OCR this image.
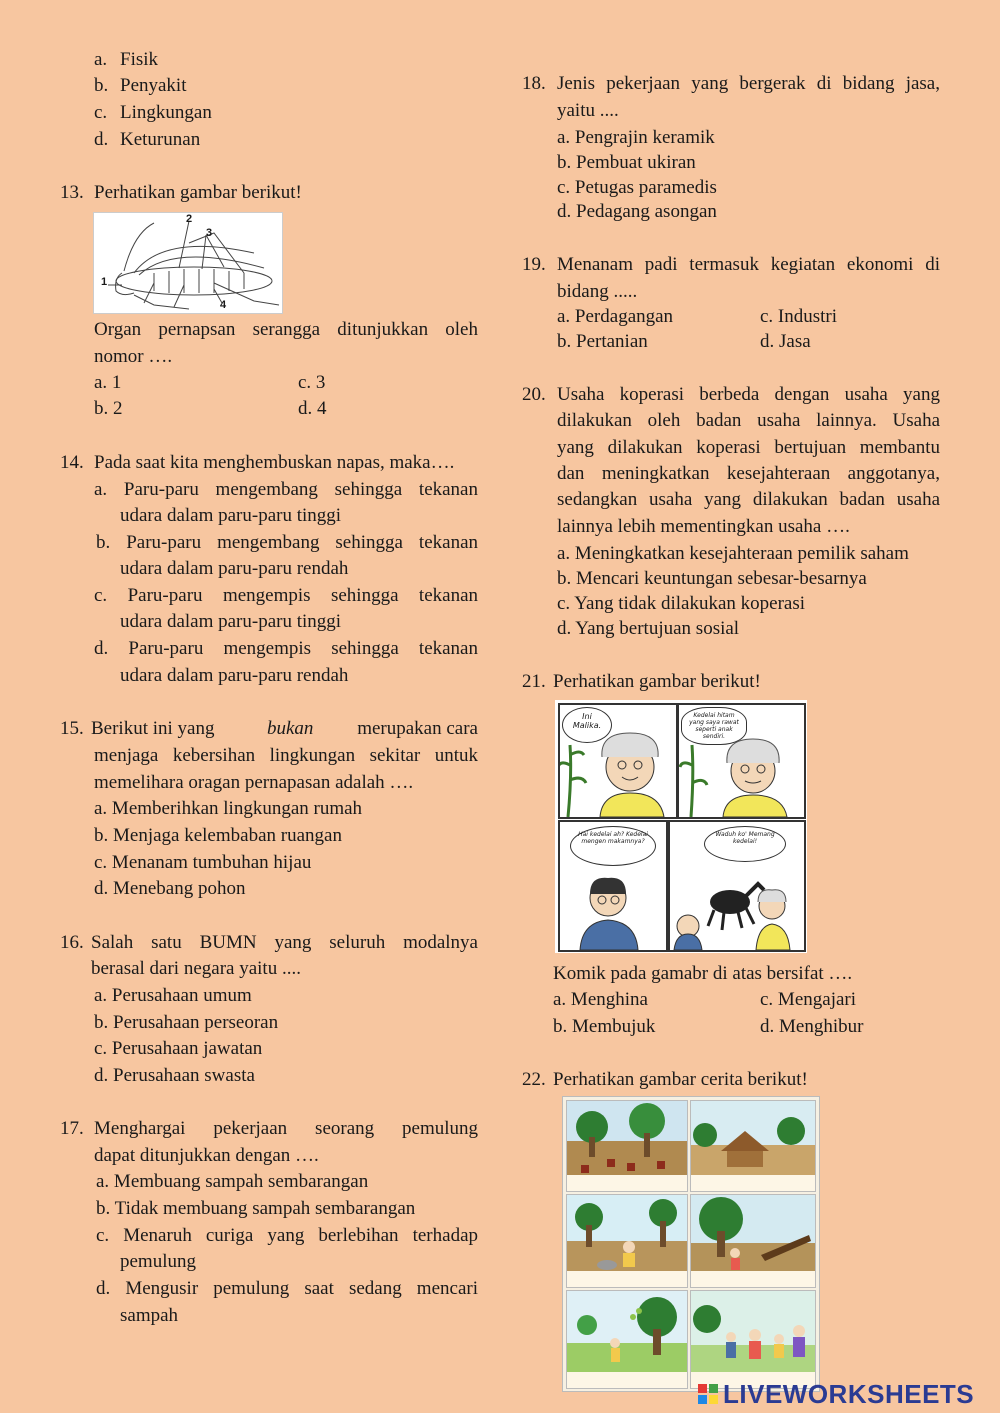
a. Fisik
b. Penyakit
c. Lingkungan
d. Keturunan
13. Perhatikan gambar berikut!
1
2
3
4
Organ pernapsan serangga ditunjukkan oleh
nomor ….
a. 1	c. 3
b. 2	d. 4
14. Pada saat kita menghembuskan napas, maka….
a. Paru-paru mengembang sehingga tekanan
udara dalam paru-paru tinggi
b. Paru-paru mengembang sehingga tekanan
udara dalam paru-paru rendah
c. Paru-paru mengempis sehingga tekanan
udara dalam paru-paru tinggi
d. Paru-paru mengempis sehingga tekanan
udara dalam paru-paru rendah
15. Berikut ini yang	bukan	merupakan cara
menjaga kebersihan lingkungan sekitar untuk
memelihara oragan pernapasan adalah ….
a. Memberihkan lingkungan rumah
b. Menjaga kelembaban ruangan
c. Menanam tumbuhan hijau
d. Menebang pohon
16. Salah satu BUMN yang seluruh modalnya
berasal dari negara yaitu ....
a. Perusahaan umum
b. Perusahaan perseoran
c. Perusahaan jawatan
d. Perusahaan swasta
17. Menghargai pekerjaan seorang pemulung
dapat ditunjukkan dengan ….
a. Membuang sampah sembarangan
b. Tidak membuang sampah sembarangan
c. Menaruh curiga yang berlebihan terhadap
pemulung
d. Mengusir pemulung saat sedang mencari
sampah
18. Jenis pekerjaan yang bergerak di bidang jasa,
yaitu ....
a. Pengrajin keramik
b. Pembuat ukiran
c. Petugas paramedis
d. Pedagang asongan
19. Menanam padi termasuk kegiatan ekonomi di
bidang .....
a. Perdagangan	c. Industri
b. Pertanian	d. Jasa
20. Usaha koperasi berbeda dengan usaha yang
dilakukan oleh badan usaha lainnya. Usaha
yang dilakukan koperasi bertujuan membantu
dan meningkatkan kesejahteraan anggotanya,
sedangkan usaha yang dilakukan badan usaha
lainnya lebih mementingkan usaha ….
a. Meningkatkan kesejahteraan pemilik saham
b. Mencari keuntungan sebesar-besarnya
c. Yang tidak dilakukan koperasi
d. Yang bertujuan sosial
21. Perhatikan gambar berikut!
Ini Malika.
Kedelai hitam yang saya rawat seperti anak sendiri.
Hai kedelai ah? Kedelai mengen makamnya?
Waduh ko' Memang kedelai!
Komik pada gamabr di atas bersifat ….
a. Menghina	c. Mengajari
b. Membujuk	d. Menghibur
22. Perhatikan gambar cerita berikut!
LIVEWORKSHEETS
